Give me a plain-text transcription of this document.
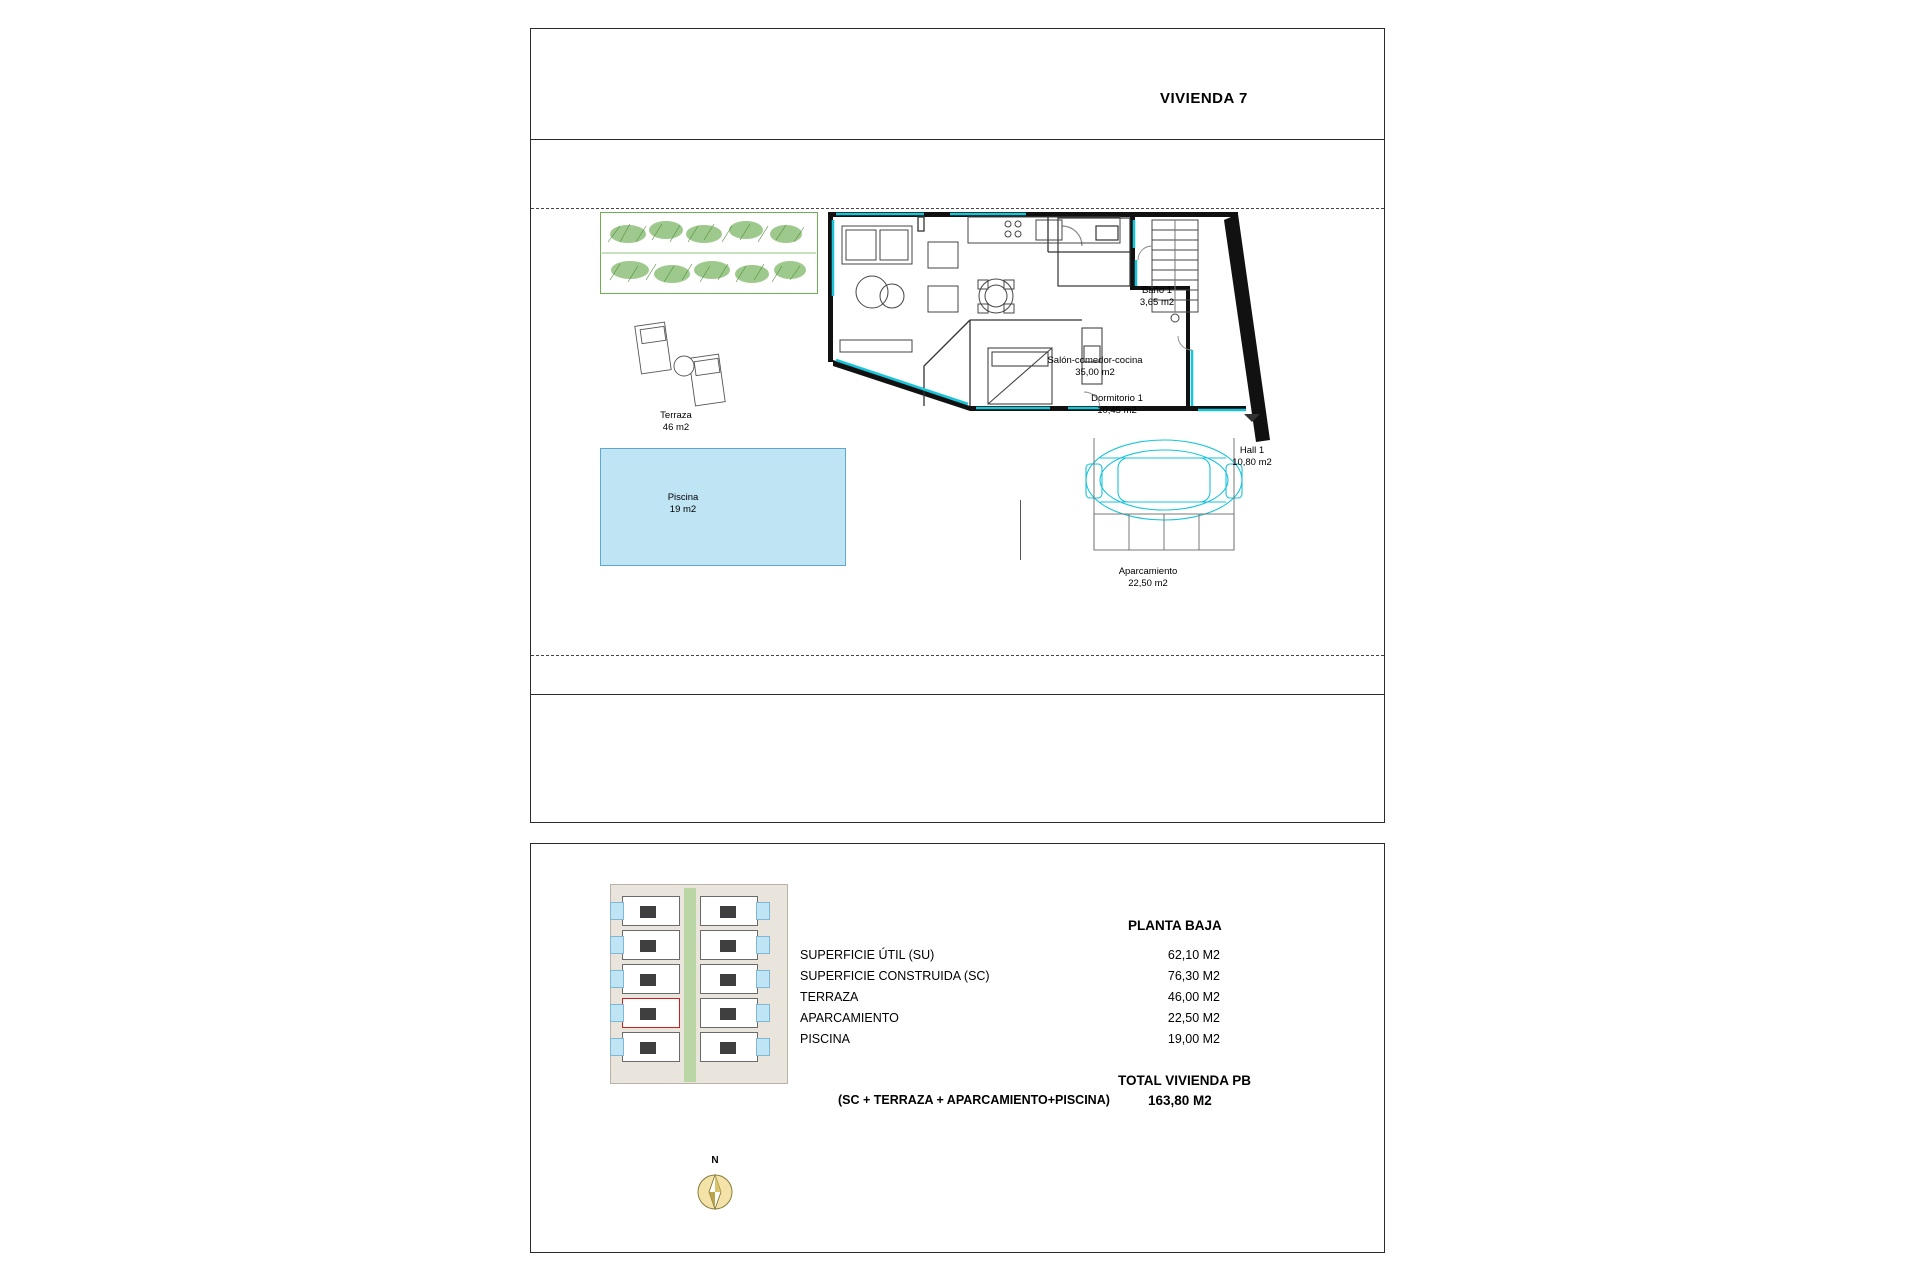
VIVIENDA 7
Terraza
46 m2
Piscina
19 m2
Salón-comedor-cocina
35,00 m2
Baño 1
3,65 m2
Dormitorio 1
10,45 m2
Hall 1
10,80 m2
Aparcamiento
22,50 m2
N
PLANTA BAJA
SUPERFICIE ÚTIL (SU)	62,10 M2
SUPERFICIE CONSTRUIDA (SC)	76,30 M2
TERRAZA	46,00 M2
APARCAMIENTO	22,50 M2
PISCINA	19,00 M2
TOTAL VIVIENDA PB
163,80 M2
(SC + TERRAZA + APARCAMIENTO+PISCINA)
